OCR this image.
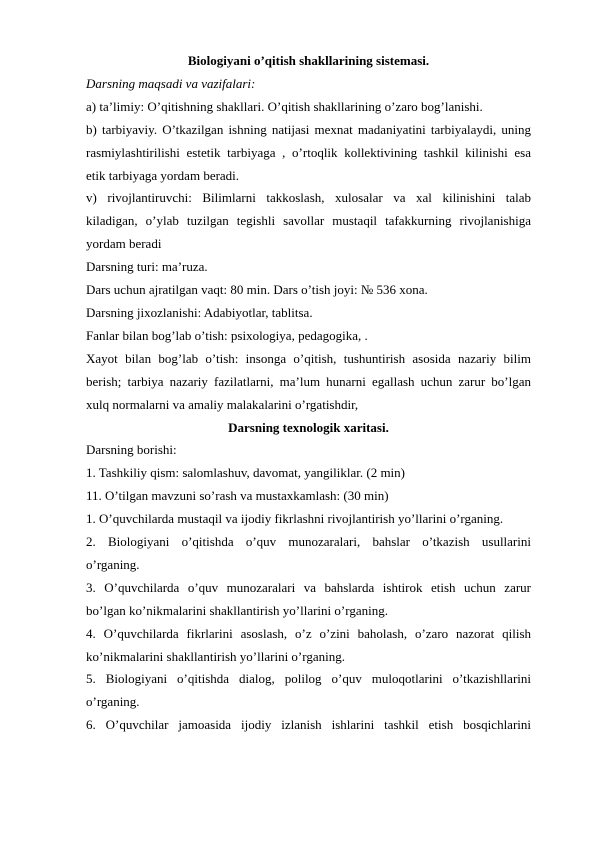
Biologiyani o’qitish shakllarining sistemasi.
Darsning maqsadi va vazifalari:
a) ta’limiy: O’qitishning shakllari. O’qitish shakllarining o’zaro bog’lanishi.
b) tarbiyaviy. O’tkazilgan ishning natijasi mexnat madaniyatini tarbiyalaydi, uning
rasmiylashtirilishi estetik tarbiyaga , o’rtoqlik kollektivining tashkil kilinishi esa
etik tarbiyaga yordam beradi.
v) rivojlantiruvchi: Bilimlarni takkoslash, xulosalar va xal kilinishini talab
kiladigan, o’ylab tuzilgan tegishli savollar mustaqil tafakkurning rivojlanishiga
yordam beradi
Darsning turi: ma’ruza.
Dars uchun ajratilgan vaqt: 80 min. Dars o’tish joyi: № 536 xona.
Darsning jixozlanishi: Adabiyotlar, tablitsa.
Fanlar bilan bog’lab o’tish: psixologiya, pedagogika, .
Xayot bilan bog’lab o’tish: insonga o’qitish, tushuntirish asosida nazariy bilim
berish; tarbiya nazariy fazilatlarni, ma’lum hunarni egallash uchun zarur bo’lgan
xulq normalarni va amaliy malakalarini o’rgatishdir,
Darsning texnologik xaritasi.
Darsning borishi:
1. Tashkiliy qism: salomlashuv, davomat, yangiliklar. (2 min)
11. O’tilgan mavzuni so’rash va mustaxkamlash: (30 min)
1. O’quvchilarda mustaqil va ijodiy fikrlashni rivojlantirish yo’llarini o’rganing.
2. Biologiyani o’qitishda o’quv munozaralari, bahslar o’tkazish usullarini
o’rganing.
3. O’quvchilarda o’quv munozaralari va bahslarda ishtirok etish uchun zarur
bo’lgan ko’nikmalarini shakllantirish yo’llarini o’rganing.
4. O’quvchilarda fikrlarini asoslash, o’z o’zini baholash, o’zaro nazorat qilish
ko’nikmalarini shakllantirish yo’llarini o’rganing.
5. Biologiyani o’qitishda dialog, polilog o’quv muloqotlarini o’tkazishllarini
o’rganing.
6. O’quvchilar jamoasida ijodiy izlanish ishlarini tashkil etish bosqichlarini
